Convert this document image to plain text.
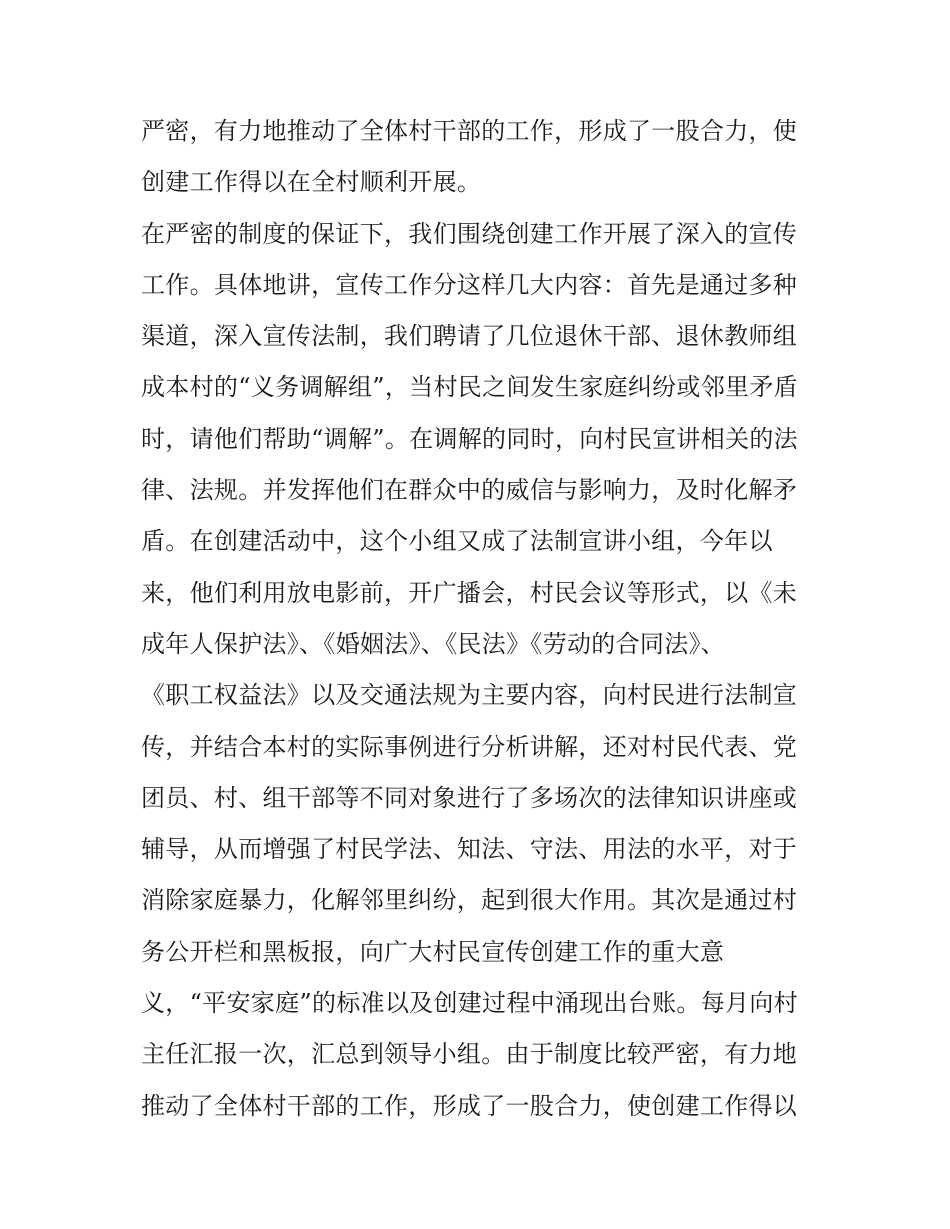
严密，有力地推动了全体村干部的工作，形成了一股合力，使
创建工作得以在全村顺利开展。
在严密的制度的保证下，我们围绕创建工作开展了深入的宣传
工作。具体地讲，宣传工作分这样几大内容：首先是通过多种
渠道，深入宣传法制，我们聘请了几位退休干部、退休教师组
成本村的“义务调解组”，当村民之间发生家庭纠纷或邻里矛盾
时，请他们帮助“调解”。在调解的同时，向村民宣讲相关的法
律、法规。并发挥他们在群众中的威信与影响力，及时化解矛
盾。在创建活动中，这个小组又成了法制宣讲小组，今年以
来，他们利用放电影前，开广播会，村民会议等形式，以《未
成年人保护法》、《婚姻法》、《民法》《劳动的合同法》、
《职工权益法》以及交通法规为主要内容，向村民进行法制宣
传，并结合本村的实际事例进行分析讲解，还对村民代表、党
团员、村、组干部等不同对象进行了多场次的法律知识讲座或
辅导，从而增强了村民学法、知法、守法、用法的水平，对于
消除家庭暴力，化解邻里纠纷，起到很大作用。其次是通过村
务公开栏和黑板报，向广大村民宣传创建工作的重大意
义，“平安家庭”的标准以及创建过程中涌现出台账。每月向村
主任汇报一次，汇总到领导小组。由于制度比较严密，有力地
推动了全体村干部的工作，形成了一股合力，使创建工作得以
